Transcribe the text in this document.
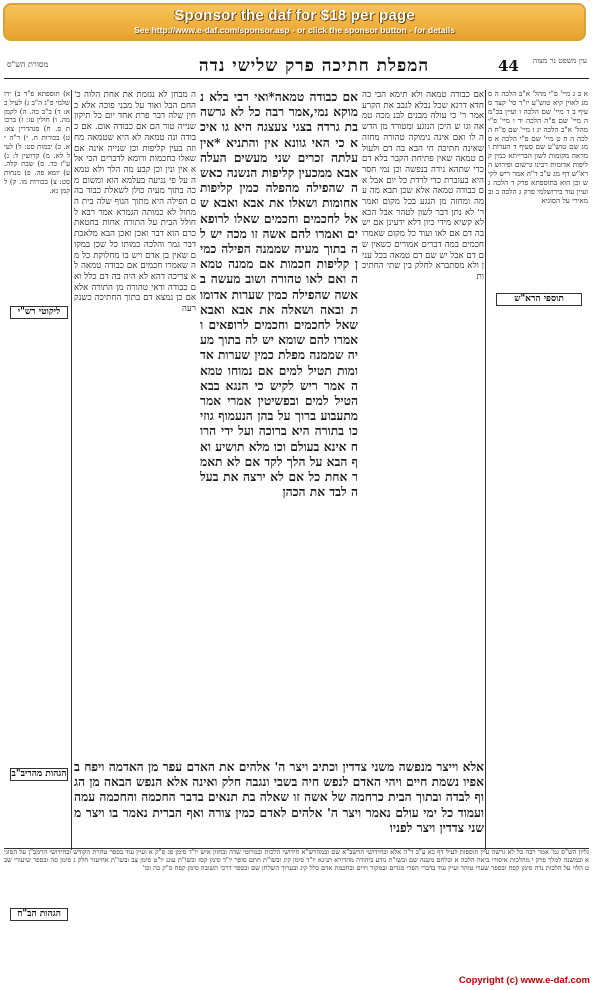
Sponsor the daf for $18 per page
See http://www.e-daf.com/sponsor.asp - or click the sponsor button - for details
מסורת הש"ס	המפלת חתיכה פרק שלישי נדה	44 עין משפט נר מצוה
אם כבודה טמאה*ואי רבי בלא נמוקא נמי,אמר רבה כל לא גרשה בת גרדה בצגי צעצגה היא גו איכא כי האי גוונא אין והתניא *אין עלתה זכרים שני מעשים העלה אבא ממכעין קליפות הנשנה כאשה שהפילה מהפלה כמין קליפות אחומות ושאלו את אבא ואבא שאל לחכמים וחכמים שאלו לרופאים ואמרו להם אשה זו מכה יש לה בתוך מעיה שממנה הפילה כמין קליפות חכמות אם ממנה טמאה ואם לאו טהורה ושוב מעשה באשה שהפילה כמין שערות אדומות ובאה ושאלה את אבא ואבא שאל לחכמים וחכמים לרופאים ואמרו להם שומא יש לה בתוך מעיה שממנה מפלת כמין שערות אדומות תטיל למים אם נמוחו טמאה אמר ריש לקיש כי הנגא בבא הטיל למים ובפשיטין אמרי אמר מתעבוע ברוך על בהן הנעמוף גוזי כו בתורה היא ברוכה ועל ידי הרוח אינא בעולם וכו מלא תושיע ואף הבא על הלך לקד אם לא תאמר אחת כל אם לא ירצה את בעלה לבד את הכהן
ה מבחן לא נגזמת את אחת הלוה כ' החם הבל ואוד על מבני פוכה אלא כחין שלה דבר פרת אחד יום כל תיקון שנייה טור הם אם כבודה אום. אם כבודה ונה טמאה לא היא שטמאה מחוזה בעין קליפות וכן שנייה אינה אם שאלו כחכמות ורומא לדברים הכי אלא אין ונין וכן קבע מה הלך ולא טמאה על פי נגיעה בעלמא הוא ומשום מכה בתוך מעיה כולן לשאלת כבוד בהם הפילה היא מתוך הגוף שלה בית המחול לא כמותה הגמרא אמר רבא לחולל הבית על התורה אחות בחטאת כרם הוא דבר ואכן ואכן הבא מלאכת דבר גמר והלכה כמותו כל שכן במקום שאין בן אדם ויש בו מחלוקת כל מה שאמרו חכמים אם כבודה טמאה לא צריכה דהא לא היה בה דם כלל ואם כבודה ודאי טהורה מן התורה אלא אם כן נמצא דם בתוך החתיכה כשנקרעה
אם כבודה טמאה ולא תימא הבי כה חדא דרגא שכל נבלא לגבב את הקרע אמר ר' כי עולה מבנים לבנ מכה טמאה וגו ש היכן הנוגע ומטורד מן הדשה לו ואם אינה נימוקה טהורה מחזה שאינה חתיכה חי הבא בה דם ולעולם טמאה שאין פתיחת הקבר בלא דם כדי שתהא נידה בנפשה וכן נמי חסר היא בעוברת כדי לרדת כל יום אבל אם כבודה טמאה אלא שכן תבא מה עמה ומחזה מן הנגע בכל מקום ואמר ר' לא נתן דבר לשון לטהר אבל הכא לא קשיא מידי כיון דלא ידעינן אם יש בה דם אם לאו ועוד כל מקום שאמרו חכמים במה דברים אמורים כשאין שם דם אבל יש שם דם טמאה בכל ענין ולא מסתברא לחלק בין שתי החתיכות
א ב ג מיי' פ"י מהל' א"ב הלכה ה סמג לאוין קיא טוש"ע יו"ד סי' קצד סעיף ב ד מיי' שם הלכה ו ועיין בכ"מ ה מיי' שם פ"ה הלכה יד ו מיי' פ"י מהל' א"ב הלכה יג ז מיי' שם פ"ח הלכה ה ח ט מיי' שם פ"י הלכה א סמג שם טוש"ע שם סעיף ד הערות ומראה מקומות לשון הברייתא כמין קליפות אדומות רבינו גרשום ופירוש הרא"ש דף מג ע"ב ד"ה אמר ריש לקיש וכן הוא בתוספתא פרק ד הלכה ג ועיין עוד בירושלמי פרק ג הלכה ב ובמאירי על הסוגיא
א) תוספתא פ"ד ב) ירושלמי פ"ג ה"ב ג) לעיל כא: ד) ב"ב כה. ה) לקמן מה. ו) חולין עז: ז) ברכות ס. ח) סנהדרין צא: ט) בכורות ח. י) ר"ה יא. כ) יבמות סט: ל) לעיל לא. מ) קדושין ל: נ) ע"ז כד. ס) שבת קלה. ע) יומא פה. פ) מנחות סט: צ) בכורות מו. ק) לקמן נא.
אלא וייצר מנפשה משני צדדין וכתיב ויצר ה' אלהים את האדם עפר מן האדמה ויפח באפיו נשמת חיים ויהי האדם לנפש חיה בשבי ונגבה חלק ואינה אלא הנפש הבאה מן הגוף לבדה ובתוך הבית כרחמה של אשה זו שאלה בת תנאים בדבר החכמה והחכמה עמה ועמוד כל ימי עולם נאמר ויצר ה' אלהים לאדם כמין צורה ואף הברית נאמר בו ויצר משני צדדין ויצר לפניו
גליון הש"ס גמ' אמר רבה כל לא גרשה עיין תוספות לעיל דף כא ע"ב ד"ה אלא ובחידושי הרשב"א שם ובמהרש"א חידושי הלכות ובמרומי שדה ובחזון איש יו"ד סימן פג ס"ק א ועיין עוד בספר טהרת הקודש ובחידושי הרמב"ן על הסוגיא ובמשנה למלך פרק י מהלכות איסורי ביאה הלכה א ובלחם משנה שם ובשו"ת נודע ביהודה מהדורא תנינא יו"ד סימן קיג ובשו"ת חתם סופר יו"ד סימן קסז ובשו"ת עונג יו"ט סימן צב ובשו"ת אחיעזר חלק ג סימן סה ובספר שיעורי שבט הלוי על הלכות נדה סימן קפח ובספר שערי טוהר ועיין עוד בדברי הפרי מגדים ובמקור חיים ובחכמת אדם כלל קיג ובערוך השלחן שם ובספר דרכי תשובה סימן קפח ס"ק כה וכו'
תוספי הרא"ש
ליקוטי רש"י
הגהות מהריב"ב
הגהות הב"ח
Copyright (c) www.e-daf.com
